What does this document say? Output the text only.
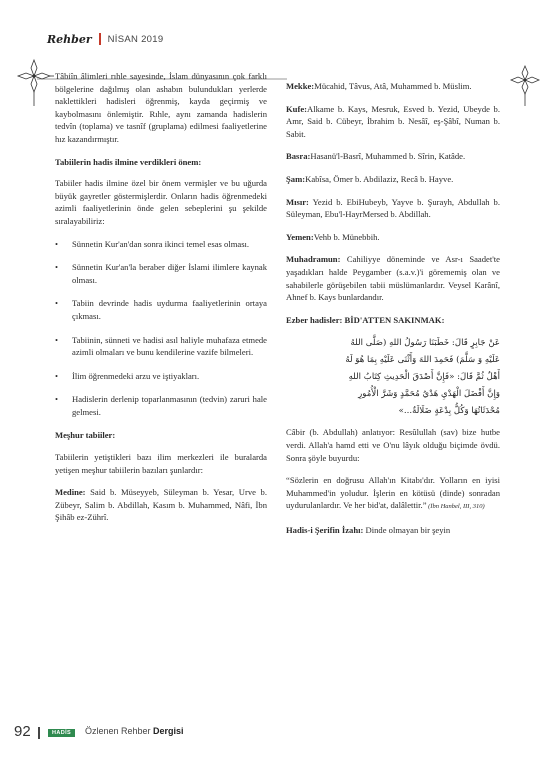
Rehber NİSAN 2019

Tâbiîn âlimleri rıhle sayesinde, İslam dünyasının çok farklı bölgelerine dağılmış olan ashabın bulundukları yerlerde naklettikleri hadisleri öğrenmiş, kayda geçirmiş ve kaybolmasını önlemiştir. Rıhle, aynı zamanda hadislerin tedvîn (toplama) ve tasnîf (gruplama) edilmesi faaliyetlerine hız kazandırmıştır.

Tabiilerin hadis ilmine verdikleri önem:

Tabiiler hadis ilmine özel bir önem vermişler ve bu uğurda büyük gayretler göstermişlerdir. Onların hadis öğrenmedeki azimli faaliyetlerinin önde gelen sebeplerini şu şekilde sıralayabiliriz:

• Sünnetin Kur'an'dan sonra ikinci temel esas olması.
• Sünnetin Kur'an'la beraber diğer İslami ilimlere kaynak olması.
• Tabiin devrinde hadis uydurma faaliyetlerinin ortaya çıkması.
• Tabiinin, sünneti ve hadisi asıl haliyle muhafaza etmede azimli olmaları ve bunu kendilerine vazife bilmeleri.
• İlim öğrenmedeki arzu ve iştiyakları.
• Hadislerin derlenip toparlanmasının (tedvin) zaruri hale gelmesi.
Meşhur tabiiler:

Tabiilerin yetiştikleri bazı ilim merkezleri ile buralarda yetişen meşhur tabiilerin bazıları şunlardır:

Medine: Said b. Müseyyeb, Süleyman b. Yesar, Urve b. Zübeyr, Salim b. Abdillah, Kasım b. Muhammed, Nâfi, İbn Şihâb ez-Zührî.

Mekke:Mücahid, Tâvus, Atâ, Muhammed b. Müslim.

Kufe:Alkame b. Kays, Mesruk, Esved b. Yezid, Ubeyde b. Amr, Said b. Cübeyr, İbrahim b. Nesâî, eş-Şâbî, Numan b. Sabit.

Basra:Hasanü'l-Basrî, Muhammed b. Sîrin, Katâde.

Şam:Kabîsa, Ömer b. Abdilaziz, Recâ b. Hayve.

Mısır: Yezid b. EbiHubeyb, Yayve b. Şurayh, Abdullah b. Süleyman, Ebu'l-HayrMersed b. Abdillah.

Yemen:Vehb b. Münebbih.

Muhadramun: Cahiliyye döneminde ve Asr-ı Saadet'te yaşadıkları halde Peygamber (s.a.v.)'i görememiş olan ve sahabilerle görüşebilen tabii müslümanlardır. Veysel Karânî, Ahnef b. Kays bunlardandır.

Ezber hadisler: BİD'ATTEN SAKINMAK:
عَنْ جَابِرٍ قَالَ: خَطَبَنَا رَسُولُ اللهِ (صَلَّى اللهُ
عَلَيْهِ وَ سَلَّمَ) فَحَمِدَ اللهَ وَأَثْنَى عَلَيْهِ بِمَا هُوَ لَهُ
أَهْلٌ ثُمَّ قَالَ: «فَإِنَّ أَصْدَقَ الْحَدِيثِ كِتَابُ اللهِ
وَإِنَّ أَفْضَلَ الْهَدْيِ هَدْيُ مُحَمَّدٍ وَشَرَّ الْأُمُورِ
مُحْدَثَاتُهَا وَكُلُّ بِدْعَةٍ ضَلَالَةٌ...»

Câbir (b. Abdullah) anlatıyor: Resûlullah (sav) bize hutbe verdi. Allah'a hamd etti ve O'nu lâyık olduğu biçimde övdü. Sonra şöyle buyurdu:

“Sözlerin en doğrusu Allah'ın Kitabı'dır. Yolların en iyisi Muhammed'in yoludur. İşlerin en kötüsü (dinde) sonradan uydurulanlardır. Ve her bid'at, dalâlettir.” (İbn Hanbel, III, 310)

Hadis-i Şerifin İzahı: Dinde olmayan bir şeyin

92	HADİS	Özlenen Rehber Dergisi
